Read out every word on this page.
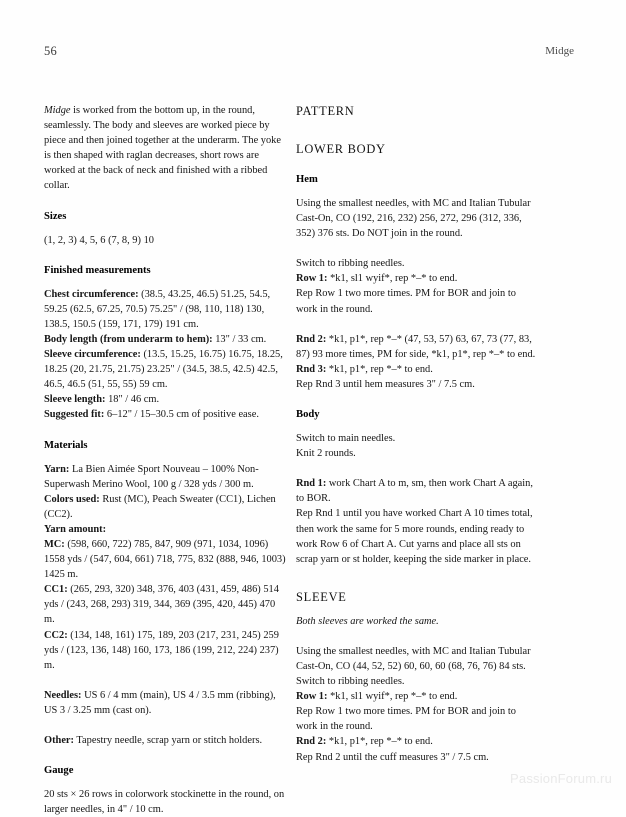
56	Midge

Midge is worked from the bottom up, in the round, seamlessly. The body and sleeves are worked piece by piece and then joined together at the underarm. The yoke is then shaped with raglan decreases, short rows are worked at the back of neck and finished with a ribbed collar.

Sizes

(1, 2, 3) 4, 5, 6 (7, 8, 9) 10

Finished measurements

Chest circumference: (38.5, 43.25, 46.5) 51.25, 54.5, 59.25 (62.5, 67.25, 70.5) 75.25" / (98, 110, 118) 130, 138.5, 150.5 (159, 171, 179) 191 cm.

Body length (from underarm to hem): 13" / 33 cm.

Sleeve circumference: (13.5, 15.25, 16.75) 16.75, 18.25, 18.25 (20, 21.75, 21.75) 23.25" / (34.5, 38.5, 42.5) 42.5, 46.5, 46.5 (51, 55, 55) 59 cm.

Sleeve length: 18" / 46 cm.

Suggested fit: 6–12" / 15–30.5 cm of positive ease.

Materials

Yarn: La Bien Aimée Sport Nouveau – 100% Non-Superwash Merino Wool, 100 g / 328 yds / 300 m.

Colors used: Rust (MC), Peach Sweater (CC1), Lichen (CC2).

Yarn amount:

MC: (598, 660, 722) 785, 847, 909 (971, 1034, 1096) 1558 yds / (547, 604, 661) 718, 775, 832 (888, 946, 1003) 1425 m.

CC1: (265, 293, 320) 348, 376, 403 (431, 459, 486) 514 yds / (243, 268, 293) 319, 344, 369 (395, 420, 445) 470 m.

CC2: (134, 148, 161) 175, 189, 203 (217, 231, 245) 259 yds / (123, 136, 148) 160, 173, 186 (199, 212, 224) 237) m.

Needles: US 6 / 4 mm (main), US 4 / 3.5 mm (ribbing), US 3 / 3.25 mm (cast on).

Other: Tapestry needle, scrap yarn or stitch holders.

Gauge

20 sts × 26 rows in colorwork stockinette in the round, on larger needles, in 4" / 10 cm.

PATTERN
LOWER BODY
Hem

Using the smallest needles, with MC and Italian Tubular Cast-On, CO (192, 216, 232) 256, 272, 296 (312, 336, 352) 376 sts. Do NOT join in the round.

Switch to ribbing needles.

Row 1: *k1, sl1 wyif*, rep *–* to end.

Rep Row 1 two more times. PM for BOR and join to work in the round.

Rnd 2: *k1, p1*, rep *–* (47, 53, 57) 63, 67, 73 (77, 83, 87) 93 more times, PM for side, *k1, p1*, rep *–* to end.

Rnd 3: *k1, p1*, rep *–* to end.

Rep Rnd 3 until hem measures 3" / 7.5 cm.

Body

Switch to main needles.

Knit 2 rounds.

Rnd 1: work Chart A to m, sm, then work Chart A again, to BOR.

Rep Rnd 1 until you have worked Chart A 10 times total, then work the same for 5 more rounds, ending ready to work Row 6 of Chart A. Cut yarns and place all sts on scrap yarn or st holder, keeping the side marker in place.

SLEEVE

Both sleeves are worked the same.

Using the smallest needles, with MC and Italian Tubular Cast-On, CO (44, 52, 52) 60, 60, 60 (68, 76, 76) 84 sts.

Switch to ribbing needles.

Row 1: *k1, sl1 wyif*, rep *–* to end.

Rep Row 1 two more times. PM for BOR and join to work in the round.

Rnd 2: *k1, p1*, rep *–* to end.

Rep Rnd 2 until the cuff measures 3" / 7.5 cm.

PassionForum.ru
